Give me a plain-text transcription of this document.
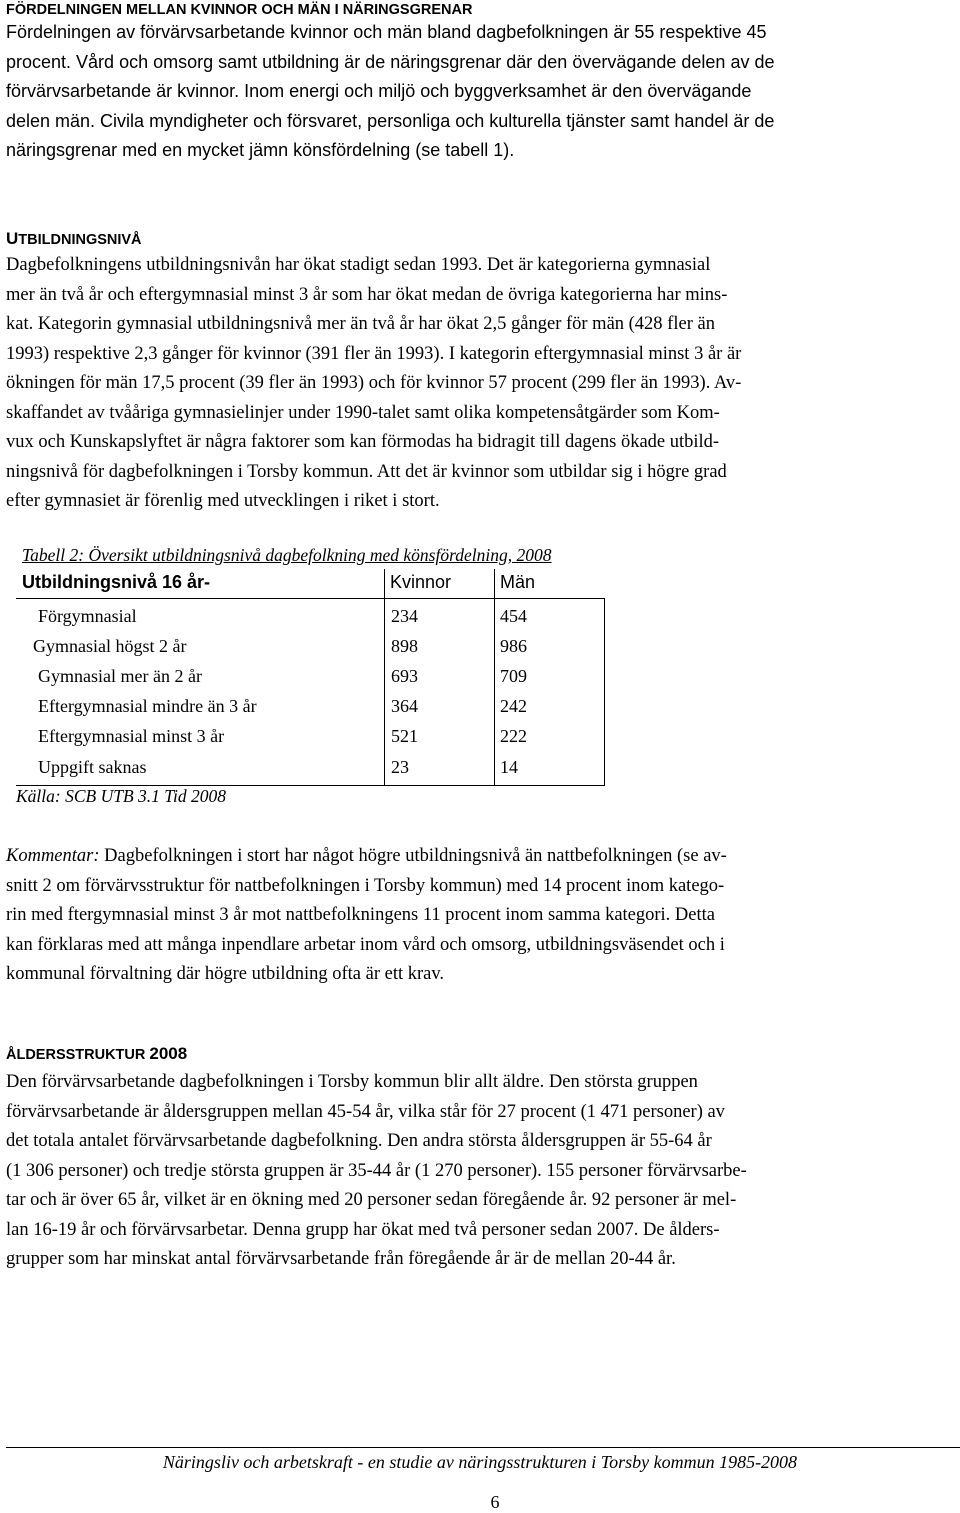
FÖRDELNINGEN MELLAN KVINNOR OCH MÄN I NÄRINGSGRENAR

Fördelningen av förvärvsarbetande kvinnor och män bland dagbefolkningen är 55 respektive 45
procent. Vård och omsorg samt utbildning är de näringsgrenar där den övervägande delen av de
förvärvsarbetande är kvinnor. Inom energi och miljö och byggverksamhet är den övervägande
delen män. Civila myndigheter och försvaret, personliga och kulturella tjänster samt handel är de
näringsgrenar med en mycket jämn könsfördelning (se tabell 1).

UTBILDNINGSNIVÅ

Dagbefolkningens utbildningsnivån har ökat stadigt sedan 1993. Det är kategorierna gymnasial
mer än två år och eftergymnasial minst 3 år som har ökat medan de övriga kategorierna har mins-
kat. Kategorin gymnasial utbildningsnivå mer än två år har ökat 2,5 gånger för män (428 fler än
1993) respektive 2,3 gånger för kvinnor (391 fler än 1993). I kategorin eftergymnasial minst 3 år är
ökningen för män 17,5 procent (39 fler än 1993) och för kvinnor 57 procent (299 fler än 1993). Av-
skaffandet av tvååriga gymnasielinjer under 1990-talet samt olika kompetensåtgärder som Kom-
vux och Kunskapslyftet är några faktorer som kan förmodas ha bidragit till dagens ökade utbild-
ningsnivå för dagbefolkningen i Torsby kommun. Att det är kvinnor som utbildar sig i högre grad
efter gymnasiet är förenlig med utvecklingen i riket i stort.

Tabell 2: Översikt utbildningsnivå dagbefolkning med könsfördelning, 2008
Utbildningsnivå 16 år-	Kvinnor	Män
Förgymnasial	234	454
Gymnasial högst 2 år	898	986
Gymnasial mer än 2 år	693	709
Eftergymnasial mindre än 3 år	364	242
Eftergymnasial minst 3 år	521	222
Uppgift saknas	23	14
Källa: SCB UTB 3.1 Tid 2008

Kommentar: Dagbefolkningen i stort har något högre utbildningsnivå än nattbefolkningen (se av-
snitt 2 om förvärvsstruktur för nattbefolkningen i Torsby kommun) med 14 procent inom katego-
rin med ftergymnasial minst 3 år mot nattbefolkningens 11 procent inom samma kategori. Detta
kan förklaras med att många inpendlare arbetar inom vård och omsorg, utbildningsväsendet och i
kommunal förvaltning där högre utbildning ofta är ett krav.

ÅLDERSSTRUKTUR 2008

Den förvärvsarbetande dagbefolkningen i Torsby kommun blir allt äldre. Den största gruppen
förvärvsarbetande är åldersgruppen mellan 45-54 år, vilka står för 27 procent (1 471 personer) av
det totala antalet förvärvsarbetande dagbefolkning. Den andra största åldersgruppen är 55-64 år
(1 306 personer) och tredje största gruppen är 35-44 år (1 270 personer). 155 personer förvärvsarbe-
tar och är över 65 år, vilket är en ökning med 20 personer sedan föregående år. 92 personer är mel-
lan 16-19 år och förvärvsarbetar. Denna grupp har ökat med två personer sedan 2007. De ålders-
grupper som har minskat antal förvärvsarbetande från föregående år är de mellan 20-44 år.

Näringsliv och arbetskraft - en studie av näringsstrukturen i Torsby kommun 1985-2008
6
